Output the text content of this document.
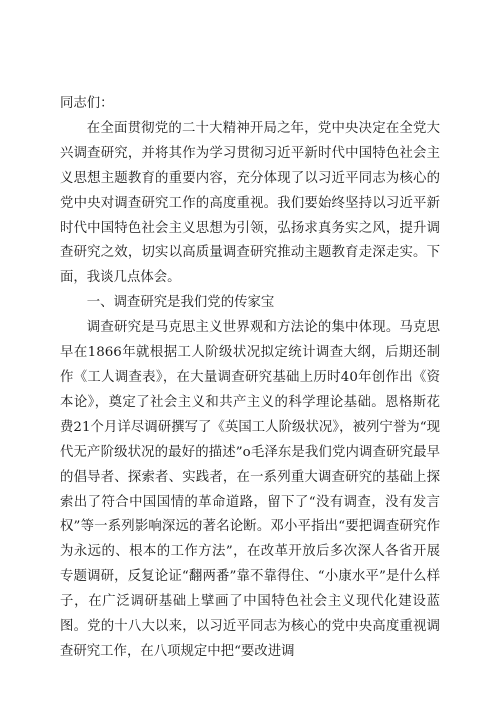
同志们：

在全面贯彻党的二十大精神开局之年，党中央决定在全党大兴调查研究，并将其作为学习贯彻习近平新时代中国特色社会主义思想主题教育的重要内容，充分体现了以习近平同志为核心的党中央对调查研究工作的高度重视。我们要始终坚持以习近平新时代中国特色社会主义思想为引领，弘扬求真务实之风，提升调查研究之效，切实以高质量调查研究推动主题教育走深走实。下面，我谈几点体会。

一、调查研究是我们党的传家宝

调查研究是马克思主义世界观和方法论的集中体现。马克思早在1866年就根据工人阶级状况拟定统计调查大纲，后期还制作《工人调查表》，在大量调查研究基础上历时40年创作出《资本论》，奠定了社会主义和共产主义的科学理论基础。恩格斯花费21个月详尽调研撰写了《英国工人阶级状况》，被列宁誉为“现代无产阶级状况的最好的描述”o毛泽东是我们党内调查研究最早的倡导者、探索者、实践者，在一系列重大调查研究的基础上探索出了符合中国国情的革命道路，留下了“没有调查，没有发言权”等一系列影响深远的著名论断。邓小平指出“要把调查研究作为永远的、根本的工作方法”，在改革开放后多次深人各省开展专题调研，反复论证“翻两番”靠不靠得住、“小康水平”是什么样子，在广泛调研基础上擘画了中国特色社会主义现代化建设蓝图。党的十八大以来，以习近平同志为核心的党中央高度重视调查研究工作，在八项规定中把“要改进调
